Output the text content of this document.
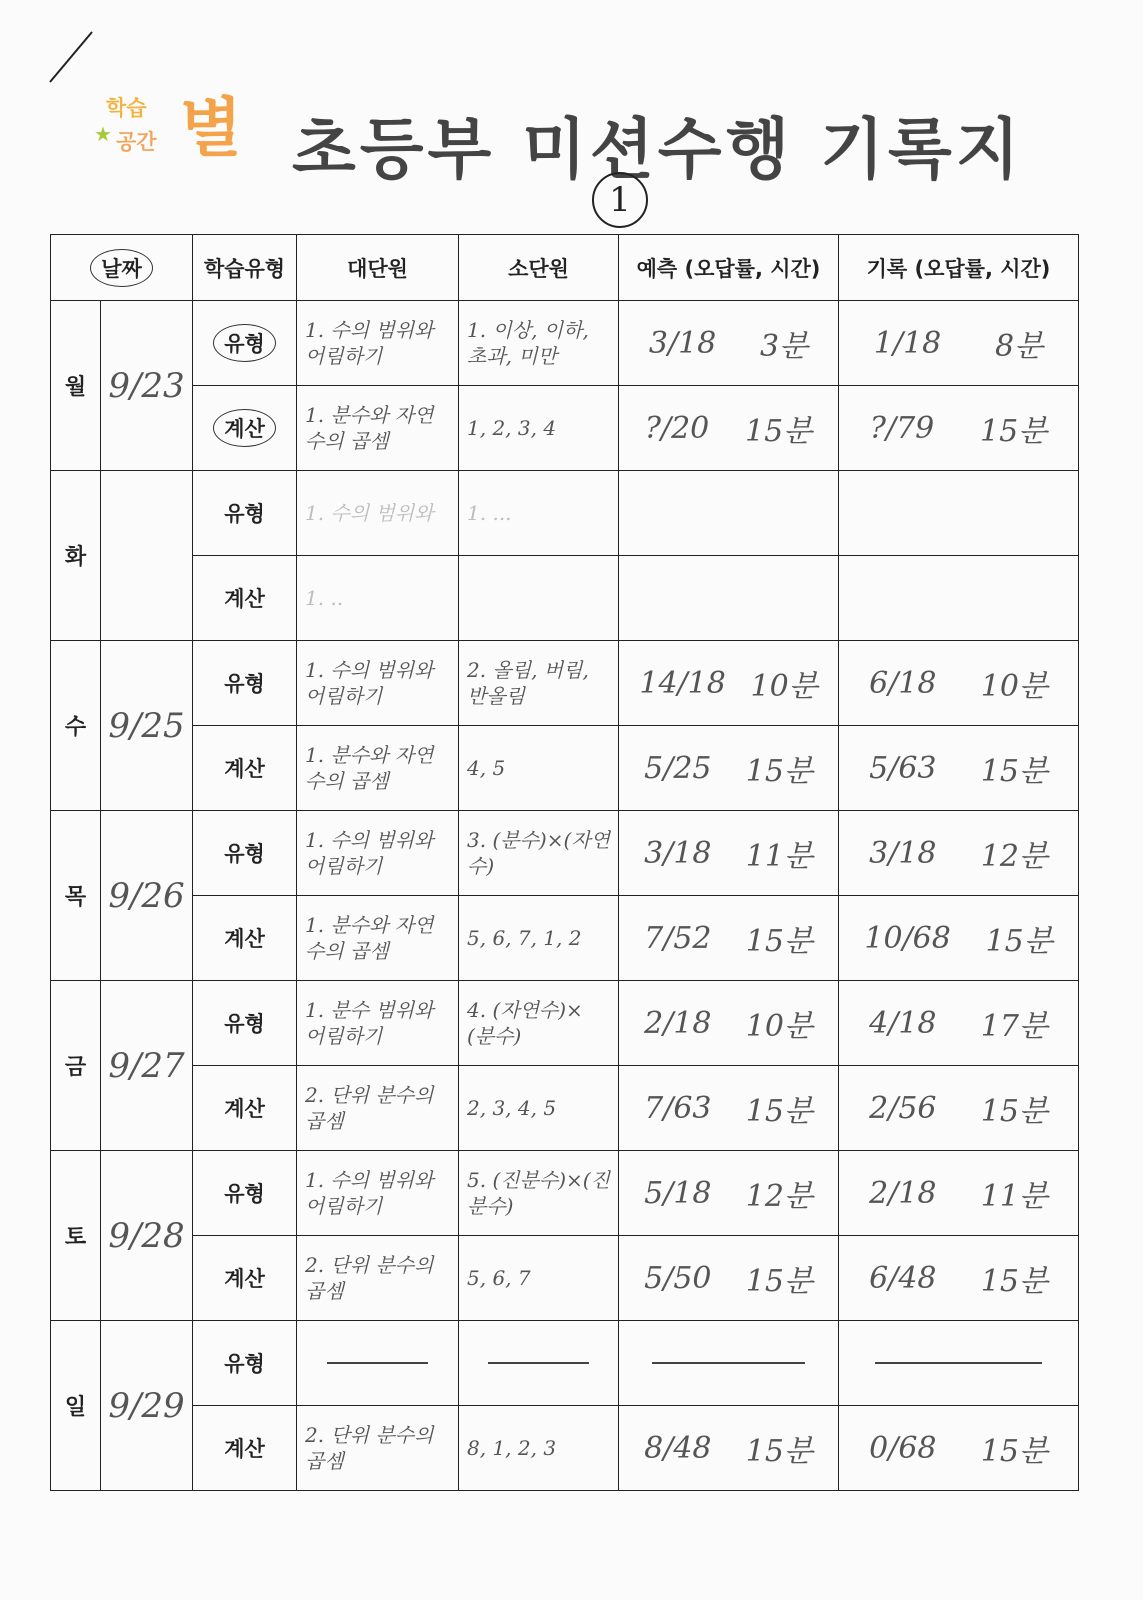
★
학습
공간 별 초등부 미션수행 기록지
1
날짜		학습유형	대단원	소단원	예측 (오답률, 시간)	기록 (오답률, 시간)
월	9/23	유형	1. 수의 범위와 어림하기	1. 이상, 이하, 초과, 미만	3/18 3분	1/18 8분

		계산	1. 분수와 자연수의 곱셈	1, 2, 3, 4	?/20 15분	?/79 15분

화		유형	1. 수의 범위와	1. ...	

		계산	1. ..		

수	9/25	유형	1. 수의 범위와 어림하기	2. 올림, 버림, 반올림	14/18 10분	6/18 10분

		계산	1. 분수와 자연수의 곱셈	4, 5	5/25 15분	5/63 15분

목	9/26	유형	1. 수의 범위와 어림하기	3. (분수)×(자연수)	3/18 11분	3/18 12분

		계산	1. 분수와 자연수의 곱셈	5, 6, 7, 1, 2	7/52 15분	10/68 15분

금	9/27	유형	1. 분수 범위와 어림하기	4. (자연수)× (분수)	2/18 10분	4/18 17분

		계산	2. 단위 분수의 곱셈	2, 3, 4, 5	7/63 15분	2/56 15분

토	9/28	유형	1. 수의 범위와 어림하기	5. (진분수)×(진분수)	5/18 12분	2/18 11분

		계산	2. 단위 분수의 곱셈	5, 6, 7	5/50 15분	6/48 15분

일	9/29	유형	

		계산	2. 단위 분수의 곱셈	8, 1, 2, 3	8/48 15분	0/68 15분
